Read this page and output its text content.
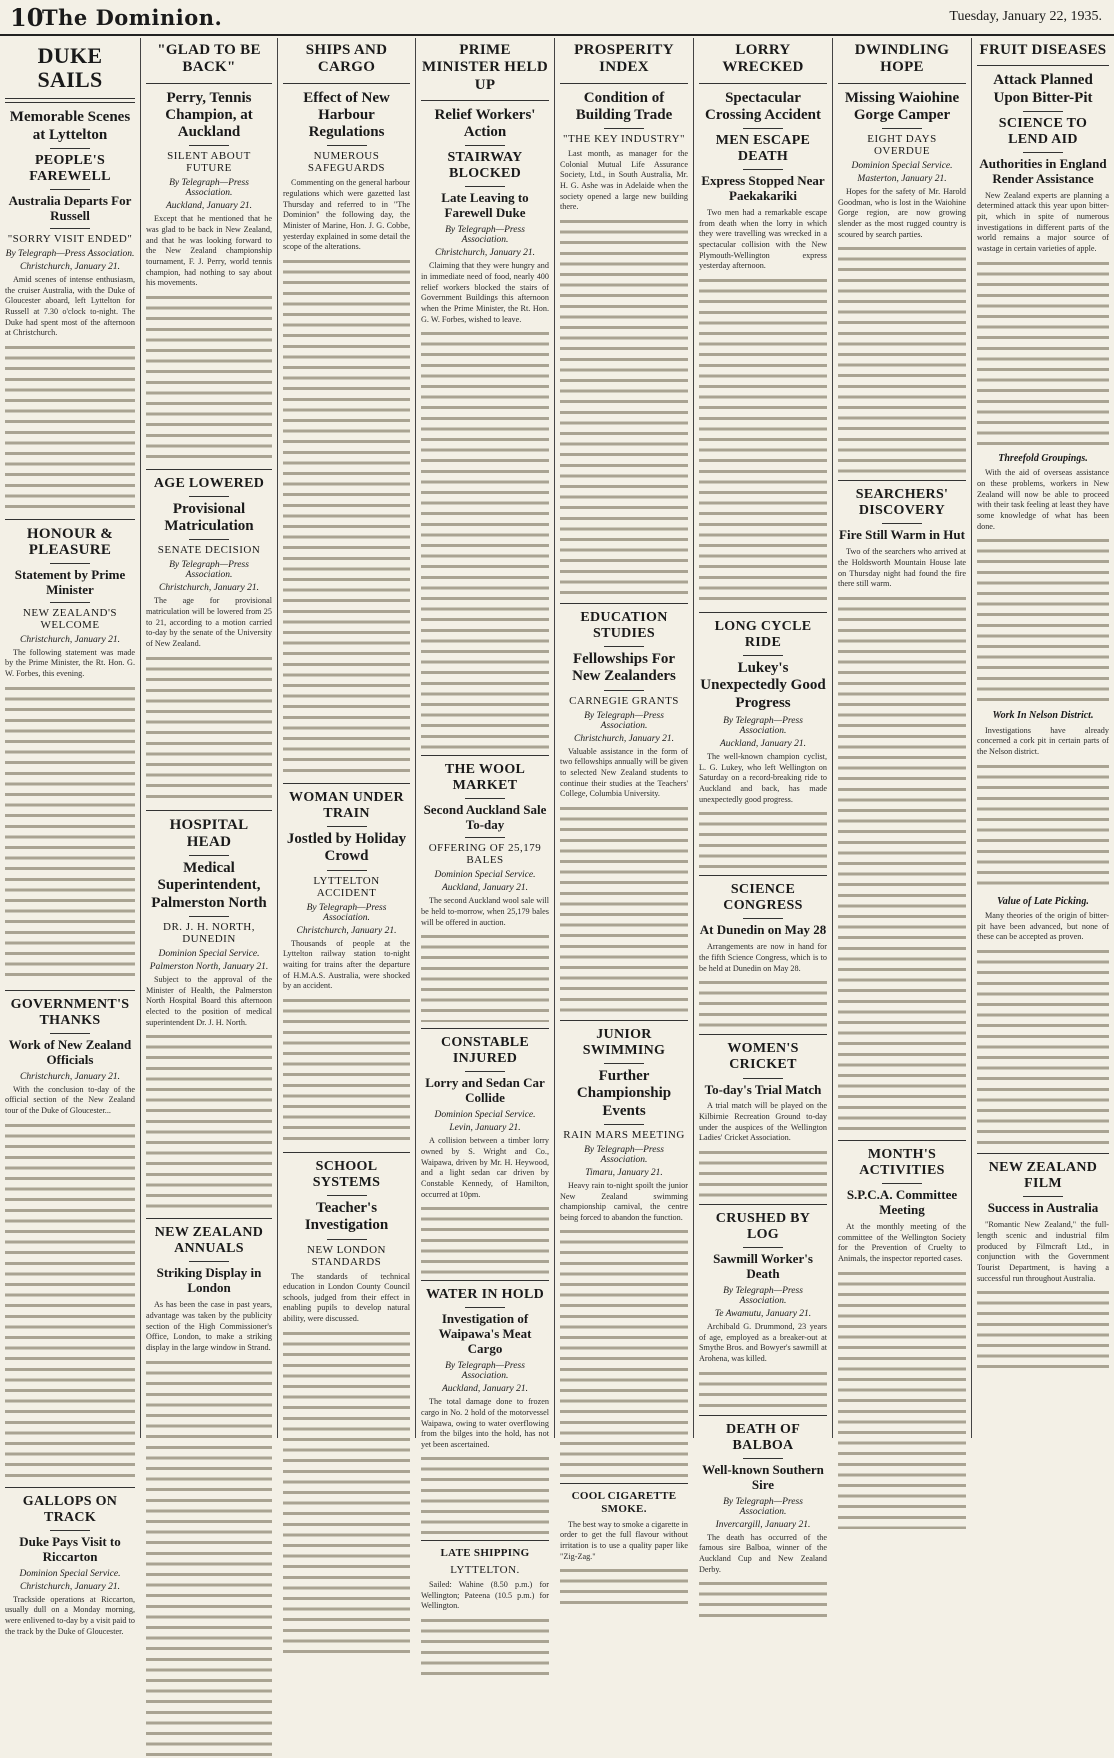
10
The Dominion.	Tuesday, January 22, 1935.
DUKE SAILS
Memorable Scenes at Lyttelton
PEOPLE'S FAREWELL
Australia Departs For Russell
"SORRY VISIT ENDED"
By Telegraph—Press Association.
Christchurch, January 21.

Amid scenes of intense enthusiasm, the cruiser Australia, with the Duke of Gloucester aboard, left Lyttelton for Russell at 7.30 o'clock to-night. The Duke had spent most of the afternoon at Christchurch.

HONOUR & PLEASURE
Statement by Prime Minister
NEW ZEALAND'S WELCOME
Christchurch, January 21.

The following statement was made by the Prime Minister, the Rt. Hon. G. W. Forbes, this evening.

GOVERNMENT'S THANKS
Work of New Zealand Officials
Christchurch, January 21.

With the conclusion to-day of the official section of the New Zealand tour of the Duke of Gloucester...

GALLOPS ON TRACK
Duke Pays Visit to Riccarton
Dominion Special Service.
Christchurch, January 21.

Trackside operations at Riccarton, usually dull on a Monday morning, were enlivened to-day by a visit paid to the track by the Duke of Gloucester.

"GLAD TO BE BACK"
Perry, Tennis Champion, at Auckland
SILENT ABOUT FUTURE
By Telegraph—Press Association.
Auckland, January 21.

Except that he mentioned that he was glad to be back in New Zealand, and that he was looking forward to the New Zealand championship tournament, F. J. Perry, world tennis champion, had nothing to say about his movements.

AGE LOWERED
Provisional Matriculation
SENATE DECISION
By Telegraph—Press Association.
Christchurch, January 21.

The age for provisional matriculation will be lowered from 25 to 21, according to a motion carried to-day by the senate of the University of New Zealand.

HOSPITAL HEAD
Medical Superintendent, Palmerston North
DR. J. H. NORTH, DUNEDIN
Dominion Special Service.
Palmerston North, January 21.

Subject to the approval of the Minister of Health, the Palmerston North Hospital Board this afternoon elected to the position of medical superintendent Dr. J. H. North.

NEW ZEALAND ANNUALS
Striking Display in London

As has been the case in past years, advantage was taken by the publicity section of the High Commissioner's Office, London, to make a striking display in the large window in Strand.

SHIPS AND CARGO
Effect of New Harbour Regulations
NUMEROUS SAFEGUARDS

Commenting on the general harbour regulations which were gazetted last Thursday and referred to in "The Dominion" the following day, the Minister of Marine, Hon. J. G. Cobbe, yesterday explained in some detail the scope of the alterations.

WOMAN UNDER TRAIN
Jostled by Holiday Crowd
LYTTELTON ACCIDENT
By Telegraph—Press Association.
Christchurch, January 21.

Thousands of people at the Lyttelton railway station to-night waiting for trains after the departure of H.M.A.S. Australia, were shocked by an accident.

SCHOOL SYSTEMS
Teacher's Investigation
NEW LONDON STANDARDS

The standards of technical education in London County Council schools, judged from their effect in enabling pupils to develop natural ability, were discussed.

PRIME MINISTER HELD UP
Relief Workers' Action
STAIRWAY BLOCKED
Late Leaving to Farewell Duke
By Telegraph—Press Association.
Christchurch, January 21.

Claiming that they were hungry and in immediate need of food, nearly 400 relief workers blocked the stairs of Government Buildings this afternoon when the Prime Minister, the Rt. Hon. G. W. Forbes, wished to leave.

THE WOOL MARKET
Second Auckland Sale To-day
OFFERING OF 25,179 BALES
Dominion Special Service.
Auckland, January 21.

The second Auckland wool sale will be held to-morrow, when 25,179 bales will be offered in auction.

CONSTABLE INJURED
Lorry and Sedan Car Collide
Dominion Special Service.
Levin, January 21.

A collision between a timber lorry owned by S. Wright and Co., Waipawa, driven by Mr. H. Heywood, and a light sedan car driven by Constable Kennedy, of Hamilton, occurred at 10pm.

WATER IN HOLD
Investigation of Waipawa's Meat Cargo
By Telegraph—Press Association.
Auckland, January 21.

The total damage done to frozen cargo in No. 2 hold of the motorvessel Waipawa, owing to water overflowing from the bilges into the hold, has not yet been ascertained.

LATE SHIPPING
LYTTELTON.

Sailed: Wahine (8.50 p.m.) for Wellington; Pateena (10.5 p.m.) for Wellington.

PROSPERITY INDEX
Condition of Building Trade
"THE KEY INDUSTRY"

Last month, as manager for the Colonial Mutual Life Assurance Society, Ltd., in South Australia, Mr. H. G. Ashe was in Adelaide when the society opened a large new building there.

EDUCATION STUDIES
Fellowships For New Zealanders
CARNEGIE GRANTS
By Telegraph—Press Association.
Christchurch, January 21.

Valuable assistance in the form of two fellowships annually will be given to selected New Zealand students to continue their studies at the Teachers' College, Columbia University.

JUNIOR SWIMMING
Further Championship Events
RAIN MARS MEETING
By Telegraph—Press Association.
Timaru, January 21.

Heavy rain to-night spoilt the junior New Zealand swimming championship carnival, the centre being forced to abandon the function.

COOL CIGARETTE SMOKE.

The best way to smoke a cigarette in order to get the full flavour without irritation is to use a quality paper like "Zig-Zag."

LORRY WRECKED
Spectacular Crossing Accident
MEN ESCAPE DEATH
Express Stopped Near Paekakariki

Two men had a remarkable escape from death when the lorry in which they were travelling was wrecked in a spectacular collision with the New Plymouth-Wellington express yesterday afternoon.

LONG CYCLE RIDE
Lukey's Unexpectedly Good Progress
By Telegraph—Press Association.
Auckland, January 21.

The well-known champion cyclist, L. G. Lukey, who left Wellington on Saturday on a record-breaking ride to Auckland and back, has made unexpectedly good progress.

SCIENCE CONGRESS
At Dunedin on May 28

Arrangements are now in hand for the fifth Science Congress, which is to be held at Dunedin on May 28.

WOMEN'S CRICKET
To-day's Trial Match

A trial match will be played on the Kilbirnie Recreation Ground to-day under the auspices of the Wellington Ladies' Cricket Association.

CRUSHED BY LOG
Sawmill Worker's Death
By Telegraph—Press Association.
Te Awamutu, January 21.

Archibald G. Drummond, 23 years of age, employed as a breaker-out at Smythe Bros. and Bowyer's sawmill at Arohena, was killed.

DEATH OF BALBOA
Well-known Southern Sire
By Telegraph—Press Association.
Invercargill, January 21.

The death has occurred of the famous sire Balboa, winner of the Auckland Cup and New Zealand Derby.

DWINDLING HOPE
Missing Waiohine Gorge Camper
EIGHT DAYS OVERDUE
Dominion Special Service.
Masterton, January 21.

Hopes for the safety of Mr. Harold Goodman, who is lost in the Waiohine Gorge region, are now growing slender as the most rugged country is scoured by search parties.

SEARCHERS' DISCOVERY
Fire Still Warm in Hut

Two of the searchers who arrived at the Holdsworth Mountain House late on Thursday night had found the fire there still warm.

MONTH'S ACTIVITIES
S.P.C.A. Committee Meeting

At the monthly meeting of the committee of the Wellington Society for the Prevention of Cruelty to Animals, the inspector reported cases.

FRUIT DISEASES
Attack Planned Upon Bitter-Pit
SCIENCE TO LEND AID
Authorities in England Render Assistance

New Zealand experts are planning a determined attack this year upon bitter-pit, which in spite of numerous investigations in different parts of the world remains a major source of wastage in certain varieties of apple.

Threefold Groupings.

With the aid of overseas assistance on these problems, workers in New Zealand will now be able to proceed with their task feeling at least they have some knowledge of what has been done.

Work In Nelson District.

Investigations have already concerned a cork pit in certain parts of the Nelson district.

Value of Late Picking.

Many theories of the origin of bitter-pit have been advanced, but none of these can be accepted as proven.

NEW ZEALAND FILM
Success in Australia

"Romantic New Zealand," the full-length scenic and industrial film produced by Filmcraft Ltd., in conjunction with the Government Tourist Department, is having a successful run throughout Australia.
